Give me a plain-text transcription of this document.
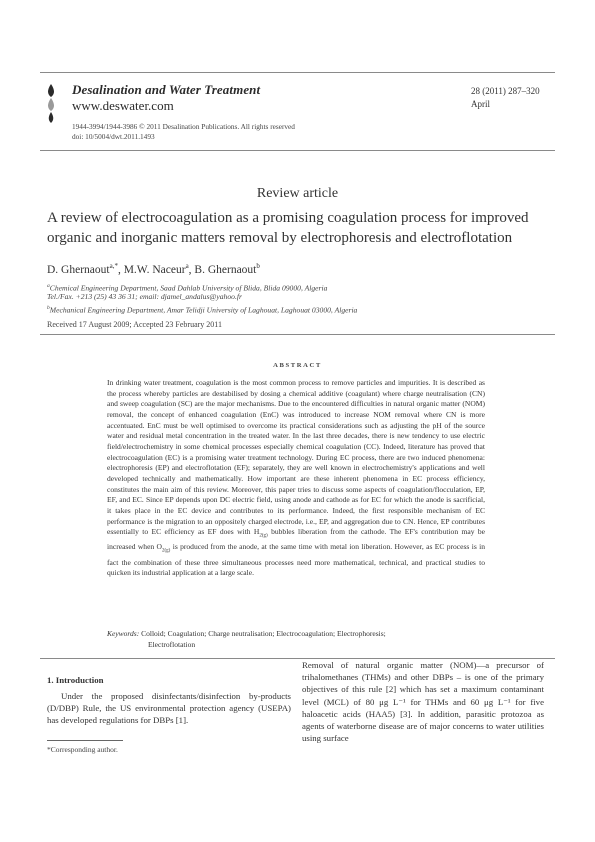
Desalination and Water Treatment
www.deswater.com
1944-3994/1944-3986 © 2011 Desalination Publications. All rights reserved
doi: 10/5004/dwt.2011.1493
28 (2011) 287–320
April
Review article
A review of electrocoagulation as a promising coagulation process for improved organic and inorganic matters removal by electrophoresis and electroflotation
D. Ghernaout$^{a,*}$, M.W. Naceur$^a$, B. Ghernaout$^b$
$^a$Chemical Engineering Department, Saad Dahlab University of Blida, Blida 09000, Algeria
Tel./Fax. +213 (25) 43 36 31; email: djamel_andalus@yahoo.fr
$^b$Mechanical Engineering Department, Amar Telidji University of Laghouat, Laghouat 03000, Algeria
Received 17 August 2009; Accepted 23 February 2011
ABSTRACT
In drinking water treatment, coagulation is the most common process to remove particles and impurities. It is described as the process whereby particles are destabilised by dosing a chemical additive (coagulant) where charge neutralisation (CN) and sweep coagulation (SC) are the major mechanisms. Due to the encountered difficulties in natural organic matter (NOM) removal, the concept of enhanced coagulation (EnC) was introduced to increase NOM removal where CN is more accentuated. EnC must be well optimised to overcome its practical considerations such as adjusting the pH of the source water and residual metal concentration in the treated water. In the last three decades, there is new tendency to use electric field/electrochemistry in some chemical processes especially chemical coagulation (CC). Indeed, literature has proved that electrocoagulation (EC) is a promising water treatment technology. During EC process, there are two induced phenomena: electrophoresis (EP) and electroflotation (EF); separately, they are well known in electrochemistry's applications and well developed technically and mathematically. How important are these inherent phenomena in EC process efficiency, constitutes the main aim of this review. Moreover, this paper tries to discuss some aspects of coagulation/flocculation, EP, EF, and EC. Since EP depends upon DC electric field, using anode and cathode as for EC for which the anode is sacrificial, it takes place in the EC device and contributes to its performance. Indeed, the first responsible mechanism of EC performance is the migration to an oppositely charged electrode, i.e., EP, and aggregation due to CN. Hence, EP contributes essentially to EC efficiency as EF does with $H_{2(g)}$ bubbles liberation from the cathode. The EF's contribution may be increased when $O_{2(g)}$ is produced from the anode, at the same time with metal ion liberation. However, as EC process is in fact the combination of these three simultaneous processes need more mathematical, technical, and practical studies to quicken its industrial application at a large scale.
Keywords: Colloid; Coagulation; Charge neutralisation; Electrocoagulation; Electrophoresis;
Electroflotation
1. Introduction
Under the proposed disinfectants/disinfection by-products (D/DBP) Rule, the US environmental protection agency (USEPA) has developed regulations for DBPs [1].
Removal of natural organic matter (NOM)—a precursor of trihalomethanes (THMs) and other DBPs – is one of the primary objectives of this rule [2] which has set a maximum contaminant level (MCL) of 80 μg L⁻¹ for THMs and 60 μg L⁻¹ for five haloacetic acids (HAA5) [3]. In addition, parasitic protozoa as agents of waterborne disease are of major concerns to water utilities using surface
*Corresponding author.
